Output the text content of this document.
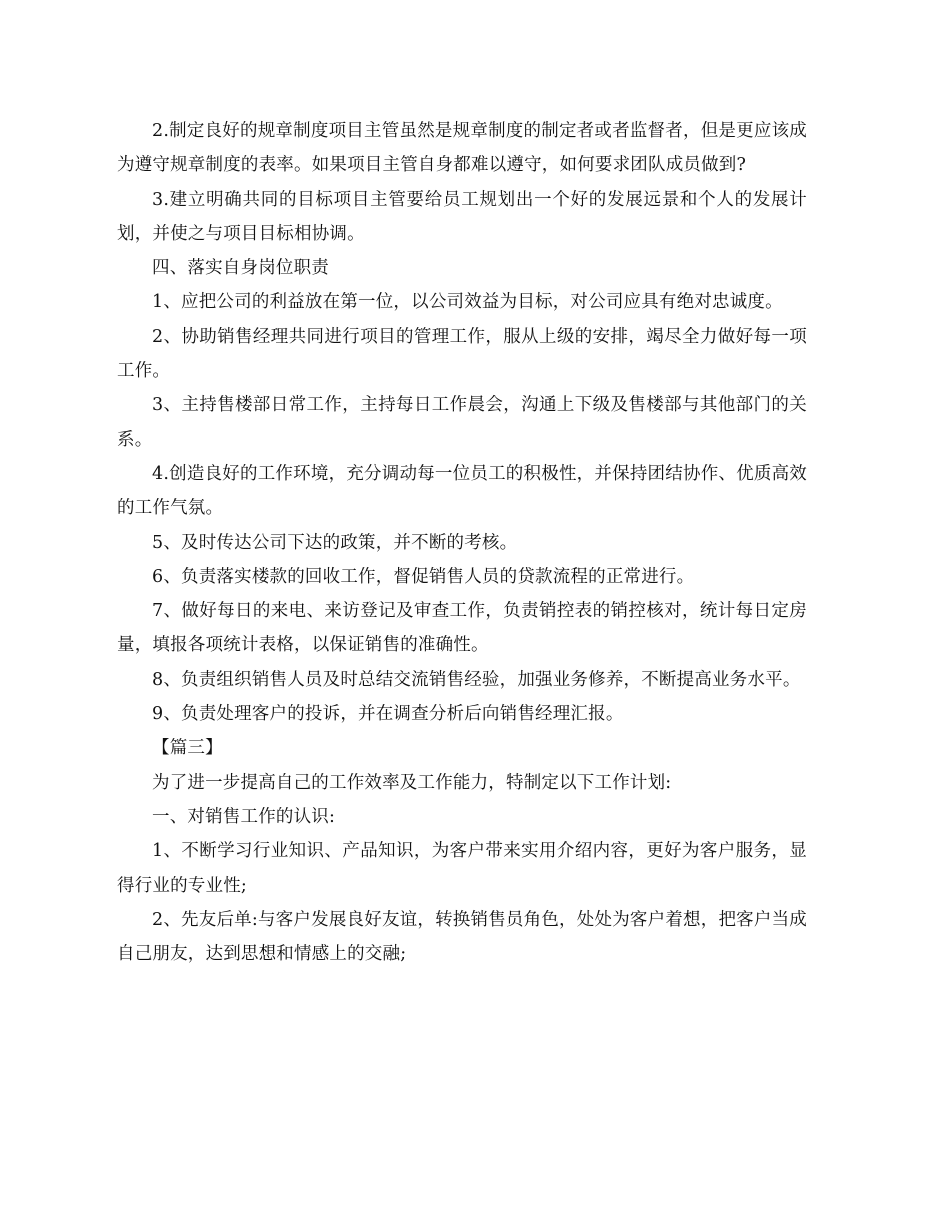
2.制定良好的规章制度项目主管虽然是规章制度的制定者或者监督者，但是更应该成为遵守规章制度的表率。如果项目主管自身都难以遵守，如何要求团队成员做到?

3.建立明确共同的目标项目主管要给员工规划出一个好的发展远景和个人的发展计划，并使之与项目目标相协调。

四、落实自身岗位职责

1、应把公司的利益放在第一位，以公司效益为目标，对公司应具有绝对忠诚度。

2、协助销售经理共同进行项目的管理工作，服从上级的安排，竭尽全力做好每一项工作。

3、主持售楼部日常工作，主持每日工作晨会，沟通上下级及售楼部与其他部门的关系。

4.创造良好的工作环境，充分调动每一位员工的积极性，并保持团结协作、优质高效的工作气氛。

5、及时传达公司下达的政策，并不断的考核。

6、负责落实楼款的回收工作，督促销售人员的贷款流程的正常进行。

7、做好每日的来电、来访登记及审查工作，负责销控表的销控核对，统计每日定房量，填报各项统计表格，以保证销售的准确性。

8、负责组织销售人员及时总结交流销售经验，加强业务修养，不断提高业务水平。

9、负责处理客户的投诉，并在调查分析后向销售经理汇报。

【篇三】

为了进一步提高自己的工作效率及工作能力，特制定以下工作计划:

一、对销售工作的认识:

1、不断学习行业知识、产品知识，为客户带来实用介绍内容，更好为客户服务，显得行业的专业性;

2、先友后单:与客户发展良好友谊，转换销售员角色，处处为客户着想，把客户当成自己朋友，达到思想和情感上的交融;
